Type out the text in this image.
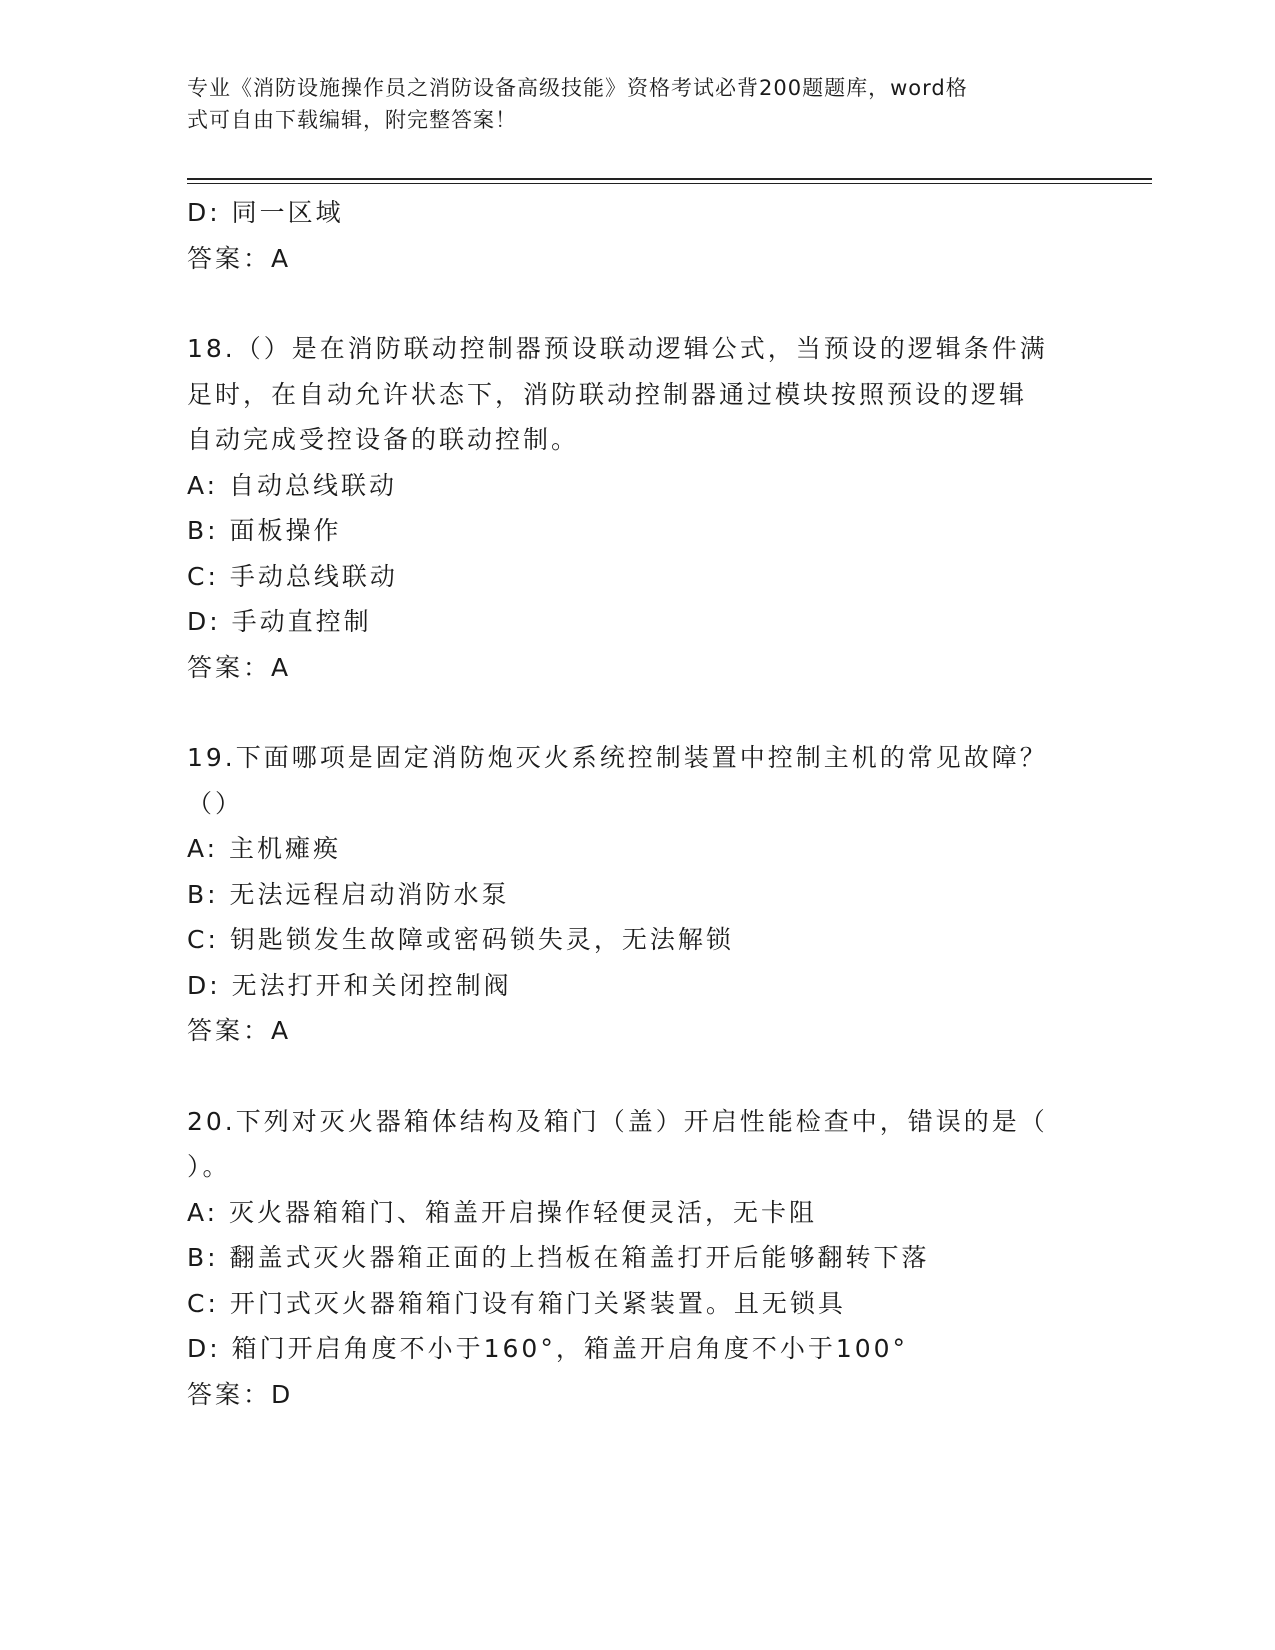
专业《消防设施操作员之消防设备高级技能》资格考试必背200题题库，word格
式可自由下载编辑，附完整答案！
D: 同一区域
答案：A
18.（）是在消防联动控制器预设联动逻辑公式，当预设的逻辑条件满
足时，在自动允许状态下，消防联动控制器通过模块按照预设的逻辑
自动完成受控设备的联动控制。
A: 自动总线联动
B: 面板操作
C: 手动总线联动
D: 手动直控制
答案：A
19.下面哪项是固定消防炮灭火系统控制装置中控制主机的常见故障？
（）
A: 主机瘫痪
B: 无法远程启动消防水泵
C: 钥匙锁发生故障或密码锁失灵，无法解锁
D: 无法打开和关闭控制阀
答案：A
20.下列对灭火器箱体结构及箱门（盖）开启性能检查中，错误的是（
）。
A: 灭火器箱箱门、箱盖开启操作轻便灵活，无卡阻
B: 翻盖式灭火器箱正面的上挡板在箱盖打开后能够翻转下落
C: 开门式灭火器箱箱门设有箱门关紧装置。且无锁具
D: 箱门开启角度不小于160°，箱盖开启角度不小于100°
答案：D
